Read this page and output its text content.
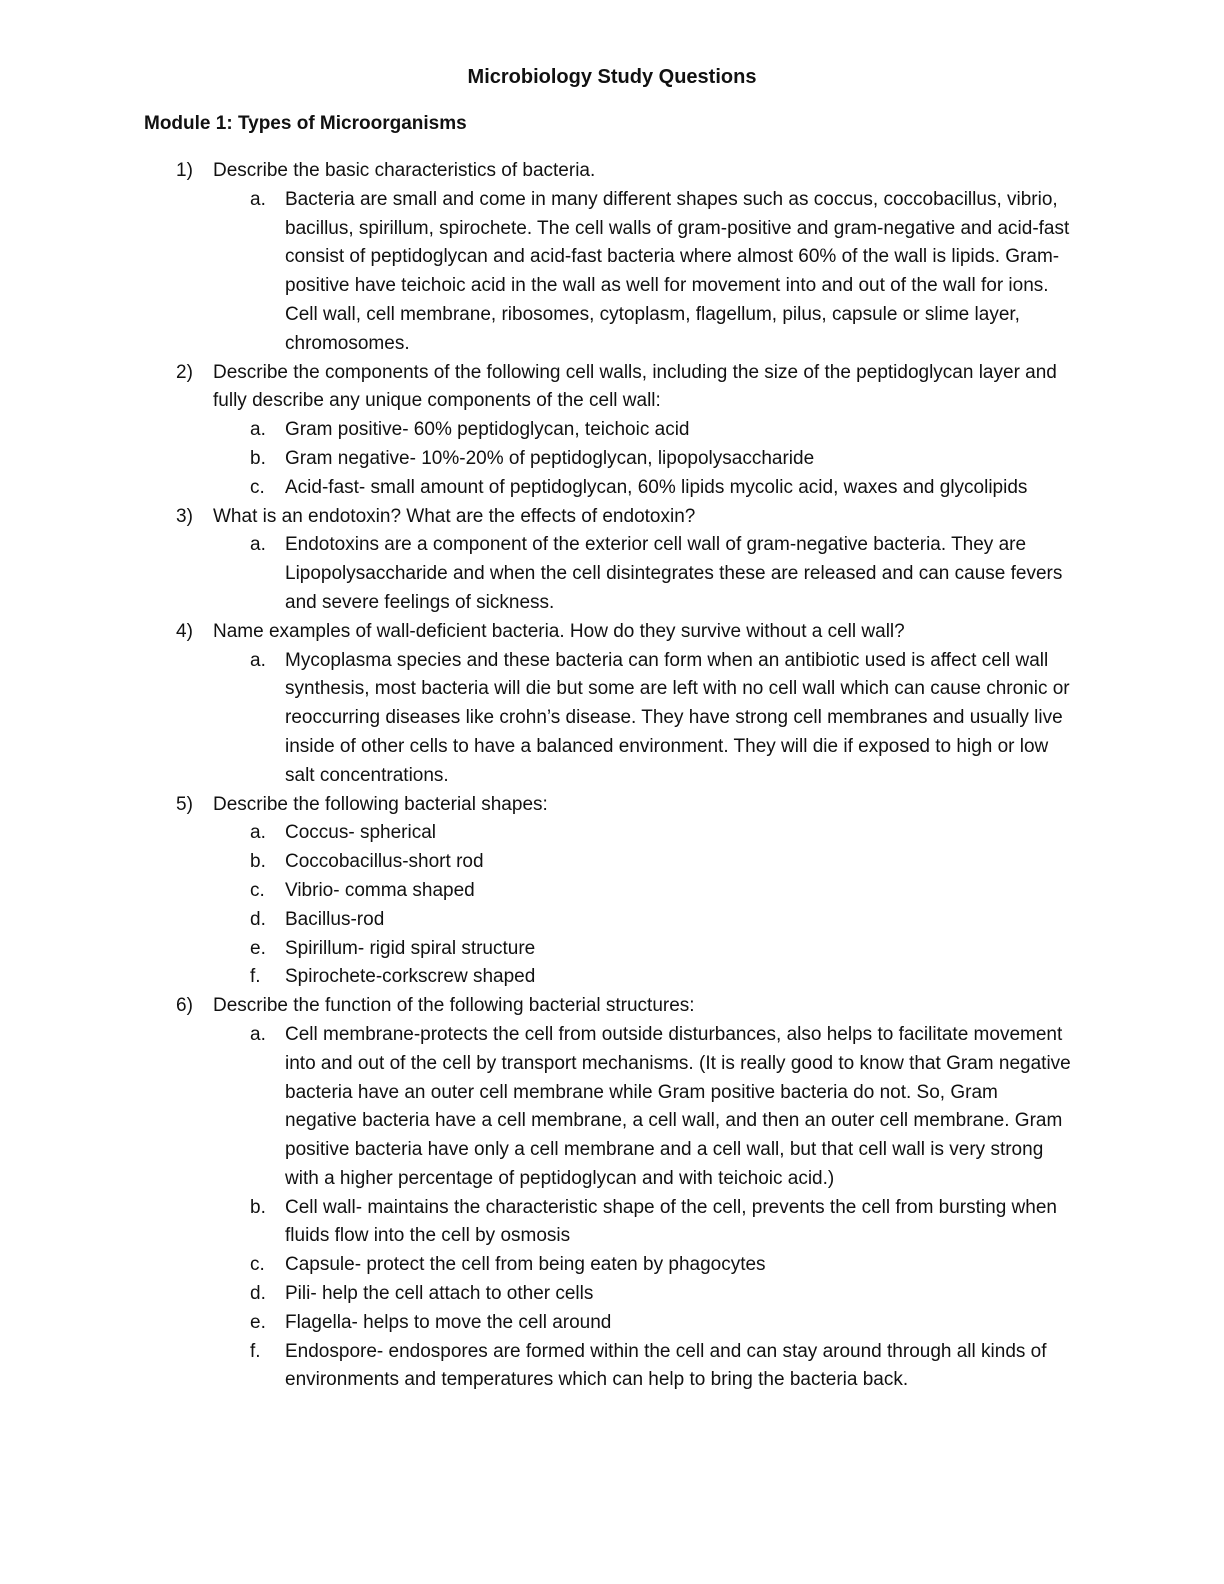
Microbiology Study Questions
Module 1: Types of Microorganisms
1) Describe the basic characteristics of bacteria.
a. Bacteria are small and come in many different shapes such as coccus, coccobacillus, vibrio, bacillus, spirillum, spirochete. The cell walls of gram-positive and gram-negative and acid-fast consist of peptidoglycan and acid-fast bacteria where almost 60% of the wall is lipids. Gram-positive have teichoic acid in the wall as well for movement into and out of the wall for ions. Cell wall, cell membrane, ribosomes, cytoplasm, flagellum, pilus, capsule or slime layer, chromosomes.
2) Describe the components of the following cell walls, including the size of the peptidoglycan layer and fully describe any unique components of the cell wall:
a. Gram positive- 60% peptidoglycan, teichoic acid
b. Gram negative- 10%-20% of peptidoglycan, lipopolysaccharide
c. Acid-fast- small amount of peptidoglycan, 60% lipids mycolic acid, waxes and glycolipids
3) What is an endotoxin? What are the effects of endotoxin?
a. Endotoxins are a component of the exterior cell wall of gram-negative bacteria. They are Lipopolysaccharide and when the cell disintegrates these are released and can cause fevers and severe feelings of sickness.
4) Name examples of wall-deficient bacteria. How do they survive without a cell wall?
a. Mycoplasma species and these bacteria can form when an antibiotic used is affect cell wall synthesis, most bacteria will die but some are left with no cell wall which can cause chronic or reoccurring diseases like crohn’s disease. They have strong cell membranes and usually live inside of other cells to have a balanced environment. They will die if exposed to high or low salt concentrations.
5) Describe the following bacterial shapes:
a. Coccus- spherical
b. Coccobacillus-short rod
c. Vibrio- comma shaped
d. Bacillus-rod
e. Spirillum- rigid spiral structure
f. Spirochete-corkscrew shaped
6) Describe the function of the following bacterial structures:
a. Cell membrane-protects the cell from outside disturbances, also helps to facilitate movement into and out of the cell by transport mechanisms. (It is really good to know that Gram negative bacteria have an outer cell membrane while Gram positive bacteria do not. So, Gram negative bacteria have a cell membrane, a cell wall, and then an outer cell membrane. Gram positive bacteria have only a cell membrane and a cell wall, but that cell wall is very strong with a higher percentage of peptidoglycan and with teichoic acid.)
b. Cell wall- maintains the characteristic shape of the cell, prevents the cell from bursting when fluids flow into the cell by osmosis
c. Capsule- protect the cell from being eaten by phagocytes
d. Pili- help the cell attach to other cells
e. Flagella- helps to move the cell around
f. Endospore- endospores are formed within the cell and can stay around through all kinds of environments and temperatures which can help to bring the bacteria back.
